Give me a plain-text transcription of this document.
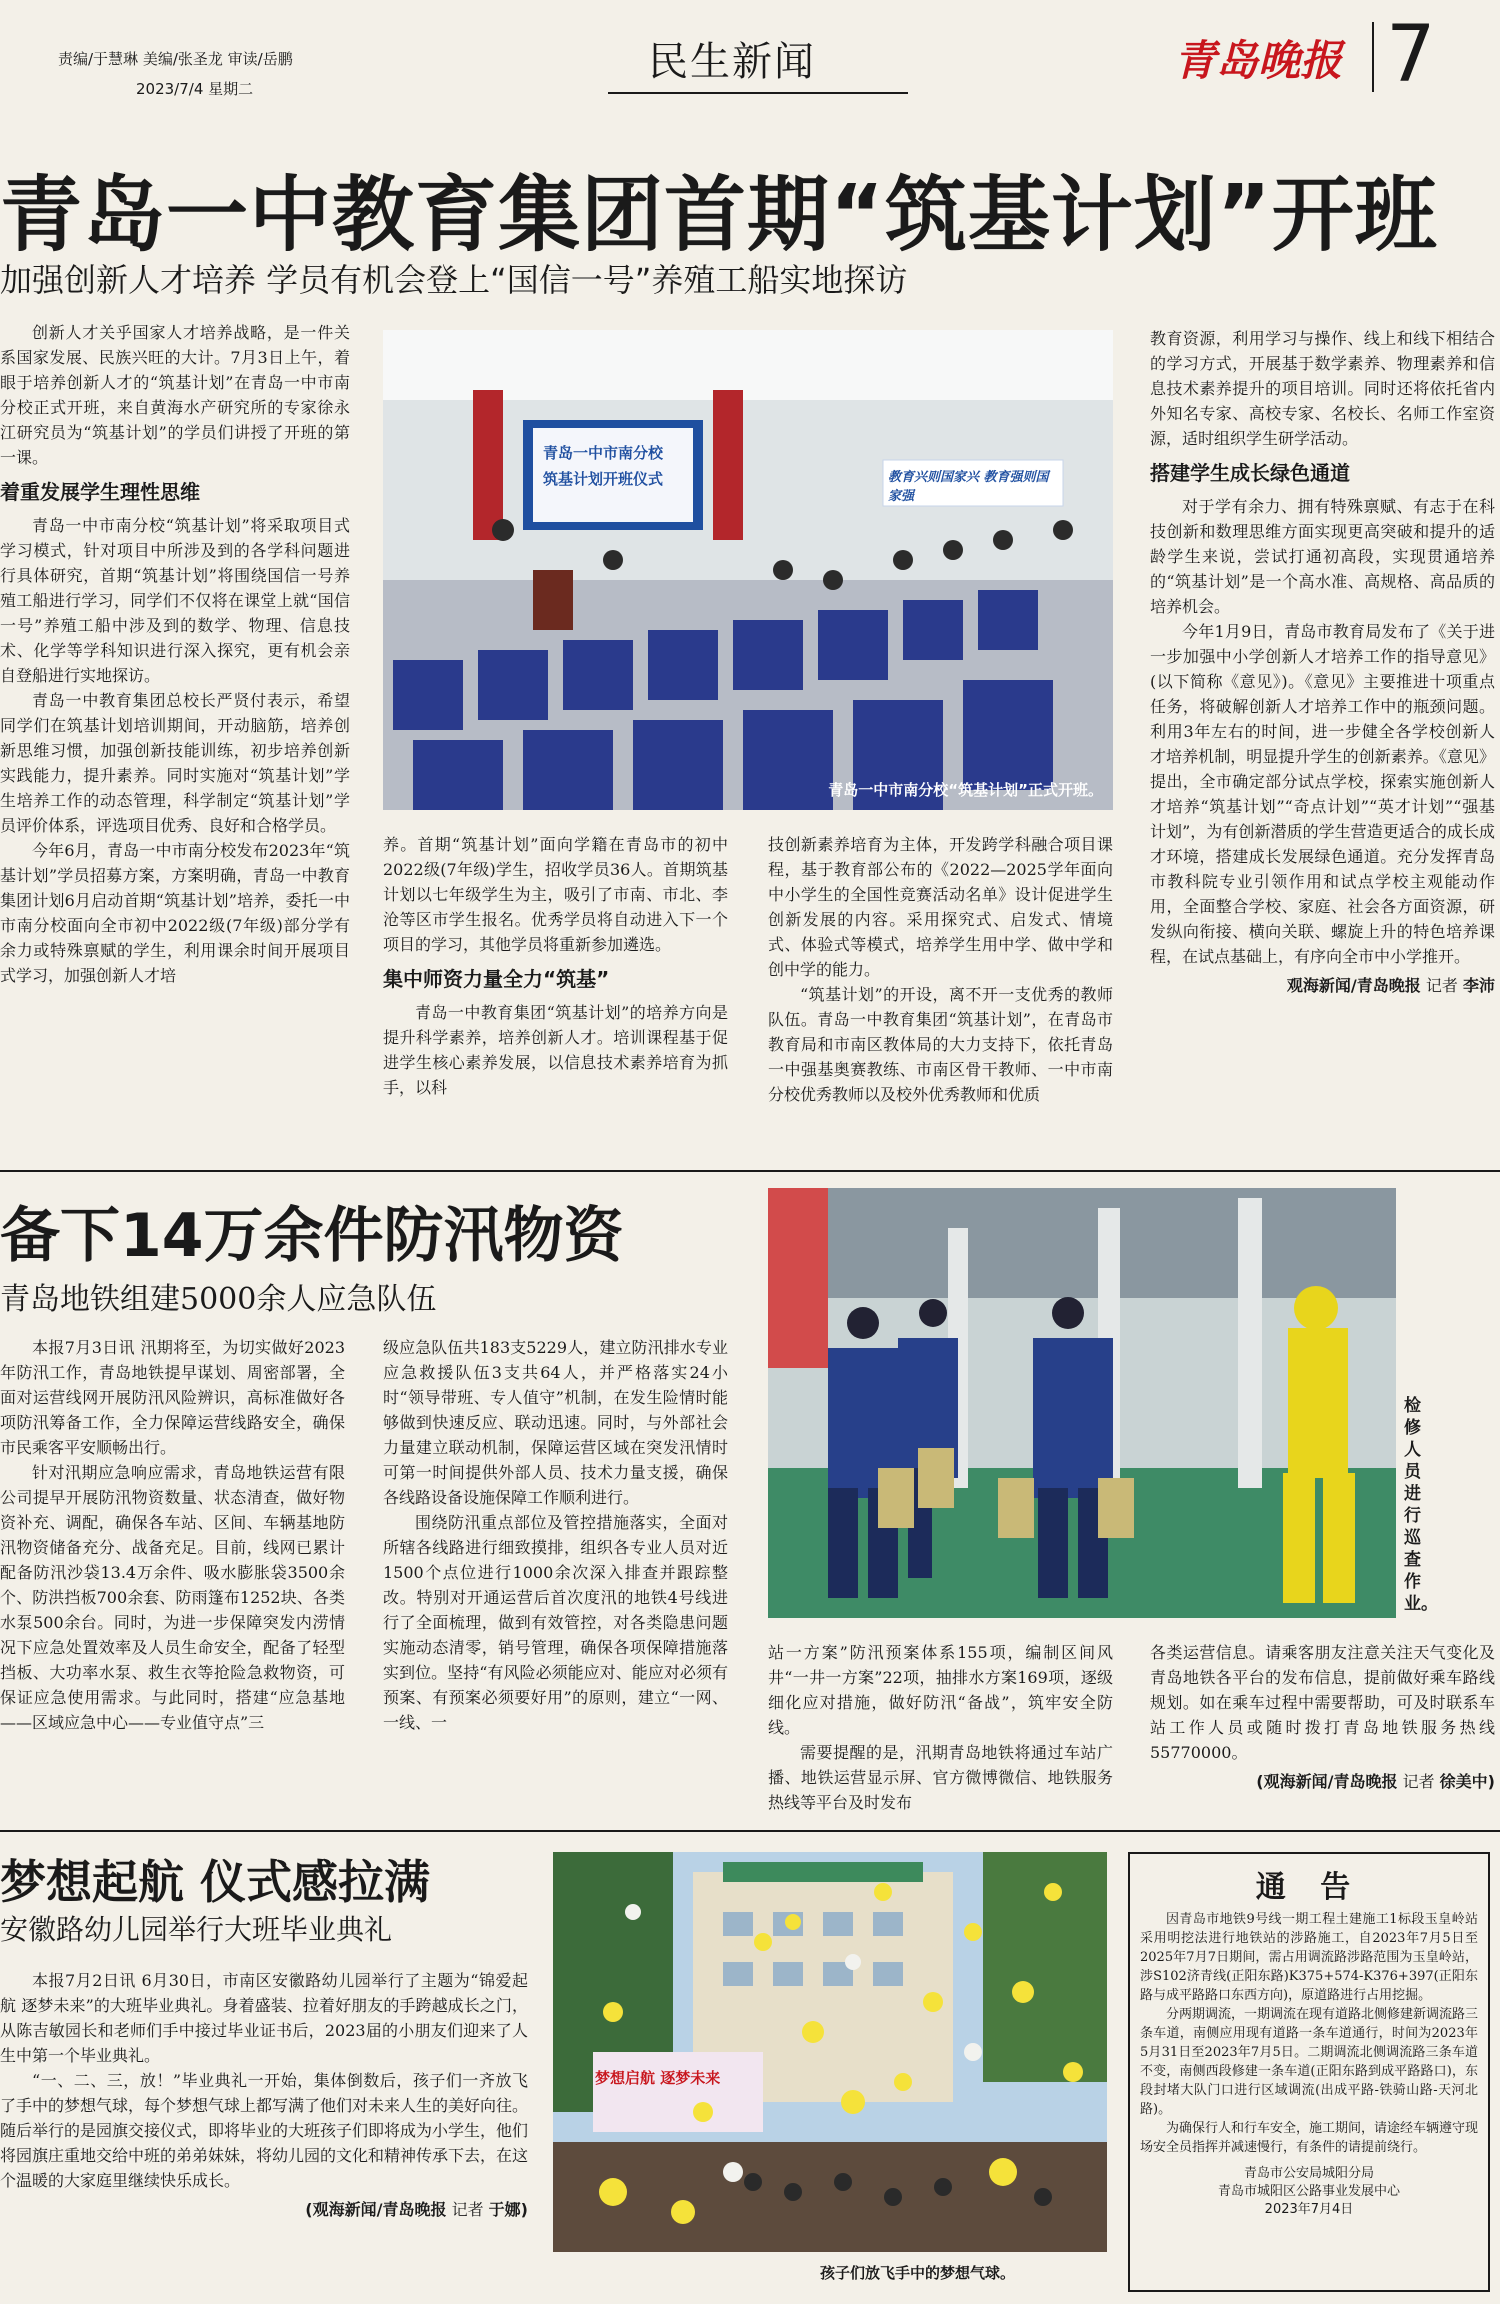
责编/于慧琳 美编/张圣龙 审读/岳鹏
2023/7/4 星期二
民生新闻	青岛晚报 7
青岛一中教育集团首期“筑基计划”开班
加强创新人才培养 学员有机会登上“国信一号”养殖工船实地探访

创新人才关乎国家人才培养战略，是一件关系国家发展、民族兴旺的大计。7月3日上午，着眼于培养创新人才的“筑基计划”在青岛一中市南分校正式开班，来自黄海水产研究所的专家徐永江研究员为“筑基计划”的学员们讲授了开班的第一课。

着重发展学生理性思维

青岛一中市南分校“筑基计划”将采取项目式学习模式，针对项目中所涉及到的各学科问题进行具体研究，首期“筑基计划”将围绕国信一号养殖工船进行学习，同学们不仅将在课堂上就“国信一号”养殖工船中涉及到的数学、物理、信息技术、化学等学科知识进行深入探究，更有机会亲自登船进行实地探访。

青岛一中教育集团总校长严贤付表示，希望同学们在筑基计划培训期间，开动脑筋，培养创新思维习惯，加强创新技能训练，初步培养创新实践能力，提升素养。同时实施对“筑基计划”学生培养工作的动态管理，科学制定“筑基计划”学员评价体系，评选项目优秀、良好和合格学员。

今年6月，青岛一中市南分校发布2023年“筑基计划”学员招募方案，方案明确，青岛一中教育集团计划6月启动首期“筑基计划”培养，委托一中市南分校面向全市初中2022级(7年级)部分学有余力或特殊禀赋的学生，利用课余时间开展项目式学习，加强创新人才培

青岛一中市南分校
筑基计划开班仪式	教育兴则国家兴 教育强则国家强
青岛一中市南分校“筑基计划”正式开班。

养。首期“筑基计划”面向学籍在青岛市的初中2022级(7年级)学生，招收学员36人。首期筑基计划以七年级学生为主，吸引了市南、市北、李沧等区市学生报名。优秀学员将自动进入下一个项目的学习，其他学员将重新参加遴选。

集中师资力量全力“筑基”

青岛一中教育集团“筑基计划”的培养方向是提升科学素养，培养创新人才。培训课程基于促进学生核心素养发展，以信息技术素养培育为抓手，以科

技创新素养培育为主体，开发跨学科融合项目课程，基于教育部公布的《2022—2025学年面向中小学生的全国性竞赛活动名单》设计促进学生创新发展的内容。采用探究式、启发式、情境式、体验式等模式，培养学生用中学、做中学和创中学的能力。

“筑基计划”的开设，离不开一支优秀的教师队伍。青岛一中教育集团“筑基计划”，在青岛市教育局和市南区教体局的大力支持下，依托青岛一中强基奥赛教练、市南区骨干教师、一中市南分校优秀教师以及校外优秀教师和优质

教育资源，利用学习与操作、线上和线下相结合的学习方式，开展基于数学素养、物理素养和信息技术素养提升的项目培训。同时还将依托省内外知名专家、高校专家、名校长、名师工作室资源，适时组织学生研学活动。

搭建学生成长绿色通道

对于学有余力、拥有特殊禀赋、有志于在科技创新和数理思维方面实现更高突破和提升的适龄学生来说，尝试打通初高段，实现贯通培养的“筑基计划”是一个高水准、高规格、高品质的培养机会。

今年1月9日，青岛市教育局发布了《关于进一步加强中小学创新人才培养工作的指导意见》(以下简称《意见》)。《意见》主要推进十项重点任务，将破解创新人才培养工作中的瓶颈问题。利用3年左右的时间，进一步健全各学校创新人才培养机制，明显提升学生的创新素养。《意见》提出，全市确定部分试点学校，探索实施创新人才培养“筑基计划”“奇点计划”“英才计划”“强基计划”，为有创新潜质的学生营造更适合的成长成才环境，搭建成长发展绿色通道。充分发挥青岛市教科院专业引领作用和试点学校主观能动作用，全面整合学校、家庭、社会各方面资源，研发纵向衔接、横向关联、螺旋上升的特色培养课程，在试点基础上，有序向全市中小学推开。

观海新闻/青岛晚报 记者 李沛
备下14万余件防汛物资
青岛地铁组建5000余人应急队伍

本报7月3日讯 汛期将至，为切实做好2023年防汛工作，青岛地铁提早谋划、周密部署，全面对运营线网开展防汛风险辨识，高标准做好各项防汛筹备工作，全力保障运营线路安全，确保市民乘客平安顺畅出行。

针对汛期应急响应需求，青岛地铁运营有限公司提早开展防汛物资数量、状态清查，做好物资补充、调配，确保各车站、区间、车辆基地防汛物资储备充分、战备充足。目前，线网已累计配备防汛沙袋13.4万余件、吸水膨胀袋3500余个、防洪挡板700余套、防雨篷布1252块、各类水泵500余台。同时，为进一步保障突发内涝情况下应急处置效率及人员生命安全，配备了轻型挡板、大功率水泵、救生衣等抢险急救物资，可保证应急使用需求。与此同时，搭建“应急基地——区域应急中心——专业值守点”三

级应急队伍共183支5229人，建立防汛排水专业应急救援队伍3支共64人，并严格落实24小时“领导带班、专人值守”机制，在发生险情时能够做到快速反应、联动迅速。同时，与外部社会力量建立联动机制，保障运营区域在突发汛情时可第一时间提供外部人员、技术力量支援，确保各线路设备设施保障工作顺利进行。

围绕防汛重点部位及管控措施落实，全面对所辖各线路进行细致摸排，组织各专业人员对近1500个点位进行1000余次深入排查并跟踪整改。特别对开通运营后首次度汛的地铁4号线进行了全面梳理，做到有效管控，对各类隐患问题实施动态清零，销号管理，确保各项保障措施落实到位。坚持“有风险必须能应对、能应对必须有预案、有预案必须要好用”的原则，建立“一网、一线、一

检修人员进行巡查作业。

站一方案”防汛预案体系155项，编制区间风井“一井一方案”22项，抽排水方案169项，逐级细化应对措施，做好防汛“备战”，筑牢安全防线。

需要提醒的是，汛期青岛地铁将通过车站广播、地铁运营显示屏、官方微博微信、地铁服务热线等平台及时发布

各类运营信息。请乘客朋友注意关注天气变化及青岛地铁各平台的发布信息，提前做好乘车路线规划。如在乘车过程中需要帮助，可及时联系车站工作人员或随时拨打青岛地铁服务热线55770000。

(观海新闻/青岛晚报 记者 徐美中)
梦想起航 仪式感拉满
安徽路幼儿园举行大班毕业典礼

本报7月2日讯 6月30日，市南区安徽路幼儿园举行了主题为“锦爱起航 逐梦未来”的大班毕业典礼。身着盛装、拉着好朋友的手跨越成长之门，从陈吉敏园长和老师们手中接过毕业证书后，2023届的小朋友们迎来了人生中第一个毕业典礼。

“一、二、三，放！”毕业典礼一开始，集体倒数后，孩子们一齐放飞了手中的梦想气球，每个梦想气球上都写满了他们对未来人生的美好向往。随后举行的是园旗交接仪式，即将毕业的大班孩子们即将成为小学生，他们将园旗庄重地交给中班的弟弟妹妹，将幼儿园的文化和精神传承下去，在这个温暖的大家庭里继续快乐成长。

(观海新闻/青岛晚报 记者 于娜)
梦想启航 逐梦未来
孩子们放飞手中的梦想气球。
通 告

因青岛市地铁9号线一期工程土建施工1标段玉皇岭站采用明挖法进行地铁站的涉路施工，自2023年7月5日至2025年7月7日期间，需占用调流路涉路范围为玉皇岭站，涉S102济青线(正阳东路)K375+574-K376+397(正阳东路与成平路路口东西方向)，原道路进行占用挖掘。

分两期调流，一期调流在现有道路北侧修建新调流路三条车道，南侧应用现有道路一条车道通行，时间为2023年5月31日至2023年7月5日。二期调流北侧调流路三条车道不变，南侧西段修建一条车道(正阳东路到成平路路口)，东段封堵大队门口进行区域调流(出成平路-铁骑山路-天河北路)。

为确保行人和行车安全，施工期间，请途经车辆遵守现场安全员指挥并减速慢行，有条件的请提前绕行。

青岛市公安局城阳分局
青岛市城阳区公路事业发展中心
2023年7月4日
